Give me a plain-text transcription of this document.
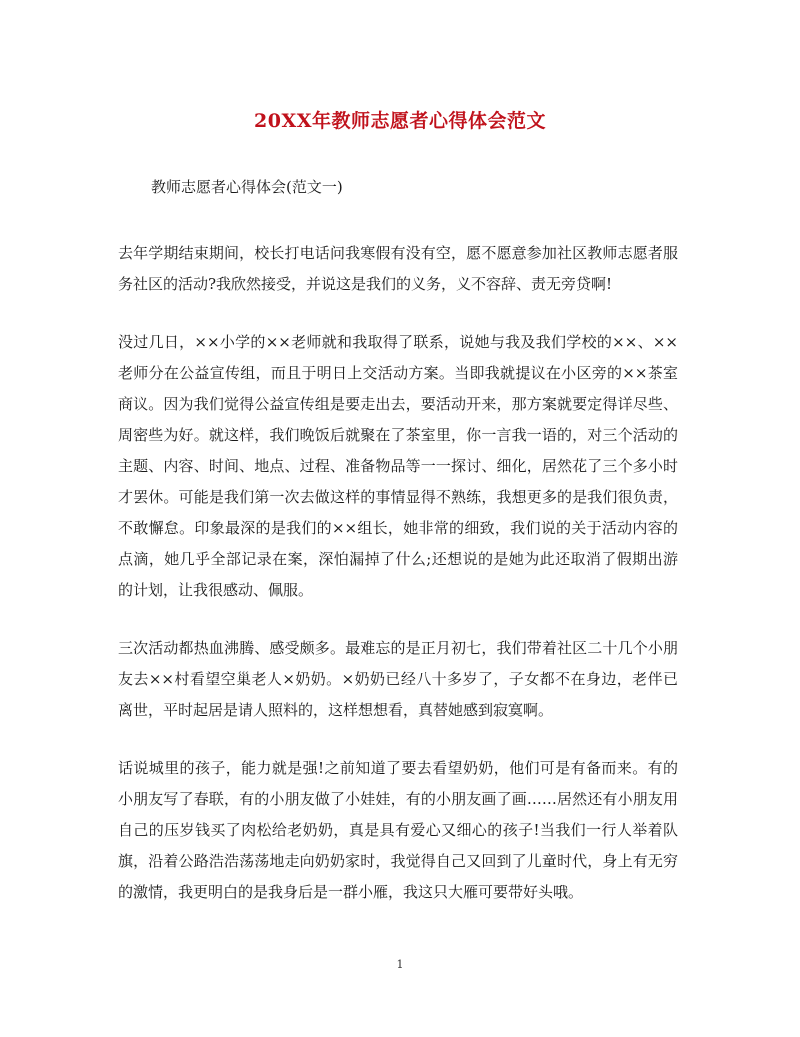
20XX年教师志愿者心得体会范文

教师志愿者心得体会(范文一)

去年学期结束期间，校长打电话问我寒假有没有空，愿不愿意参加社区教师志愿者服务社区的活动?我欣然接受，并说这是我们的义务，义不容辞、责无旁贷啊!

没过几日，××小学的××老师就和我取得了联系，说她与我及我们学校的××、××老师分在公益宣传组，而且于明日上交活动方案。当即我就提议在小区旁的××茶室商议。因为我们觉得公益宣传组是要走出去，要活动开来，那方案就要定得详尽些、周密些为好。就这样，我们晚饭后就聚在了茶室里，你一言我一语的，对三个活动的主题、内容、时间、地点、过程、准备物品等一一探讨、细化，居然花了三个多小时才罢休。可能是我们第一次去做这样的事情显得不熟练，我想更多的是我们很负责，不敢懈怠。印象最深的是我们的××组长，她非常的细致，我们说的关于活动内容的点滴，她几乎全部记录在案，深怕漏掉了什么;还想说的是她为此还取消了假期出游的计划，让我很感动、佩服。

三次活动都热血沸腾、感受颇多。最难忘的是正月初七，我们带着社区二十几个小朋友去××村看望空巢老人×奶奶。×奶奶已经八十多岁了，子女都不在身边，老伴已离世，平时起居是请人照料的，这样想想看，真替她感到寂寞啊。

话说城里的孩子，能力就是强!之前知道了要去看望奶奶，他们可是有备而来。有的小朋友写了春联，有的小朋友做了小娃娃，有的小朋友画了画……居然还有小朋友用自己的压岁钱买了肉松给老奶奶，真是具有爱心又细心的孩子!当我们一行人举着队旗，沿着公路浩浩荡荡地走向奶奶家时，我觉得自己又回到了儿童时代，身上有无穷的激情，我更明白的是我身后是一群小雁，我这只大雁可要带好头哦。

1
